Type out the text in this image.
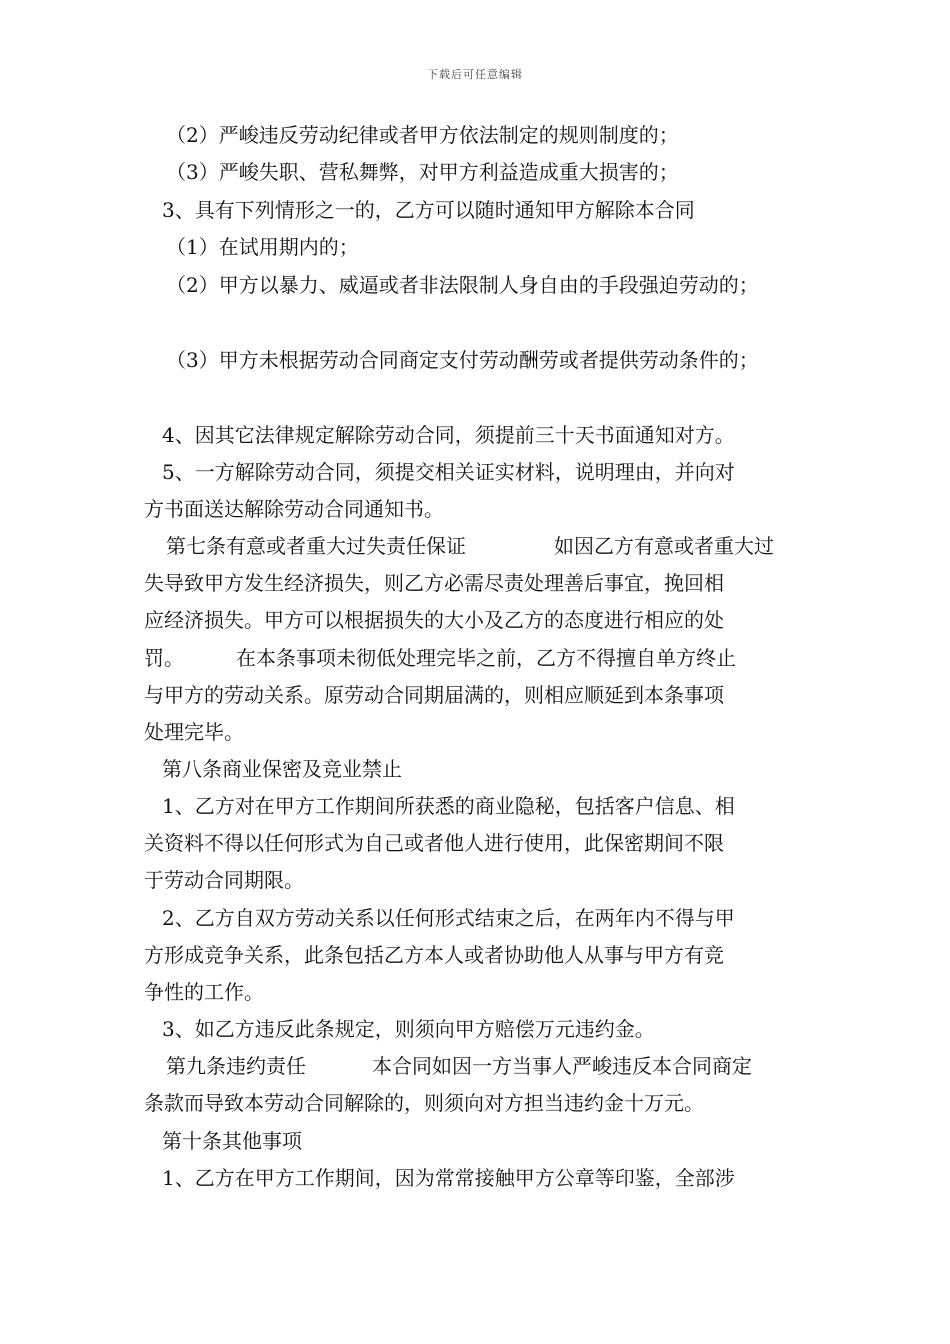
下载后可任意编辑
（2）严峻违反劳动纪律或者甲方依法制定的规则制度的；
（3）严峻失职、营私舞弊，对甲方利益造成重大损害的；
3、具有下列情形之一的，乙方可以随时通知甲方解除本合同
（1）在试用期内的；
（2）甲方以暴力、威逼或者非法限制人身自由的手段强迫劳动的；
（3）甲方未根据劳动合同商定支付劳动酬劳或者提供劳动条件的；
4、因其它法律规定解除劳动合同，须提前三十天书面通知对方。
5、一方解除劳动合同，须提交相关证实材料，说明理由，并向对
方书面送达解除劳动合同通知书。
第七条有意或者重大过失责任保证	如因乙方有意或者重大过
失导致甲方发生经济损失，则乙方必需尽责处理善后事宜，挽回相
应经济损失。甲方可以根据损失的大小及乙方的态度进行相应的处
罚。	在本条事项未彻低处理完毕之前，乙方不得擅自单方终止
与甲方的劳动关系。原劳动合同期届满的，则相应顺延到本条事项
处理完毕。
第八条商业保密及竞业禁止
1、乙方对在甲方工作期间所获悉的商业隐秘，包括客户信息、相
关资料不得以任何形式为自己或者他人进行使用，此保密期间不限
于劳动合同期限。
2、乙方自双方劳动关系以任何形式结束之后，在两年内不得与甲
方形成竞争关系，此条包括乙方本人或者协助他人从事与甲方有竞
争性的工作。
3、如乙方违反此条规定，则须向甲方赔偿万元违约金。
第九条违约责任	本合同如因一方当事人严峻违反本合同商定
条款而导致本劳动合同解除的，则须向对方担当违约金十万元。
第十条其他事项
1、乙方在甲方工作期间，因为常常接触甲方公章等印鉴，全部涉
